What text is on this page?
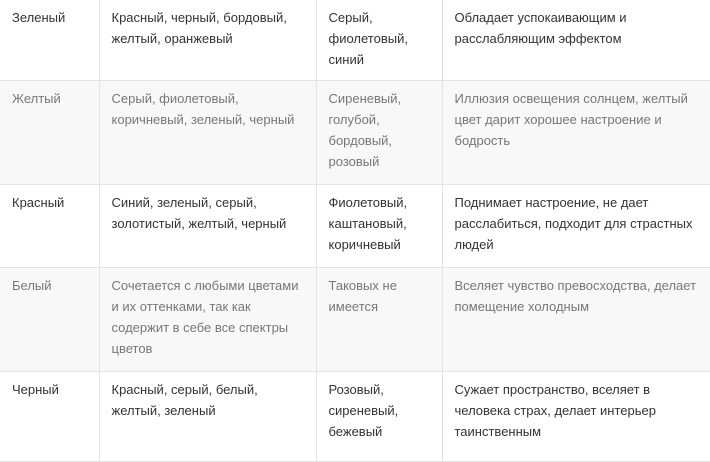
Зеленый	Красный, черный, бордовый, желтый, оранжевый	Серый, фиолетовый, синий	Обладает успокаивающим и расслабляющим эффектом
Желтый	Серый, фиолетовый, коричневый, зеленый, черный	Сиреневый, голубой, бордовый, розовый	Иллюзия освещения солнцем, желтый цвет дарит хорошее настроение и бодрость
Красный	Синий, зеленый, серый, золотистый, желтый, черный	Фиолетовый, каштановый, коричневый	Поднимает настроение, не дает расслабиться, подходит для страстных людей
Белый	Сочетается с любыми цветами и их оттенками, так как содержит в себе все спектры цветов	Таковых не имеется	Вселяет чувство превосходства, делает помещение холодным
Черный	Красный, серый, белый, желтый, зеленый	Розовый, сиреневый, бежевый	Сужает пространство, вселяет в человека страх, делает интерьер таинственным
